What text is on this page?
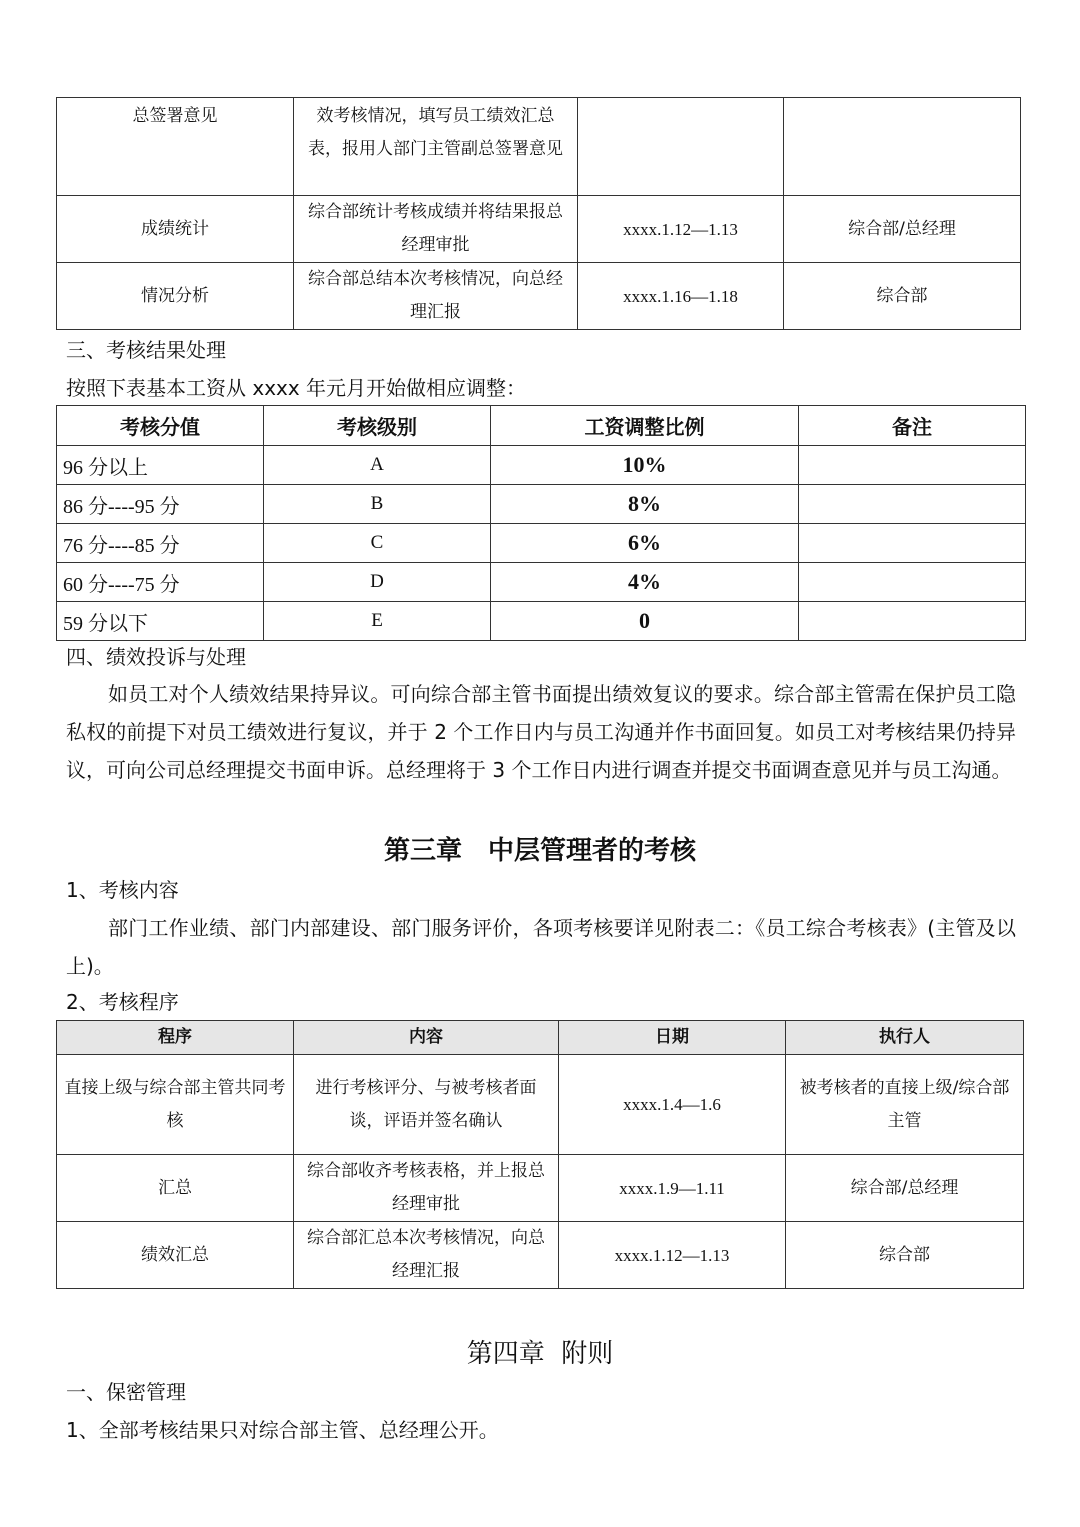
总签署意见	效考核情况，填写员工绩效汇总表，报用人部门主管副总签署意见		
成绩统计	综合部统计考核成绩并将结果报总经理审批	xxxx.1.12—1.13	综合部/总经理
情况分析	综合部总结本次考核情况，向总经理汇报	xxxx.1.16—1.18	综合部
三、考核结果处理
按照下表基本工资从 xxxx 年元月开始做相应调整：
考核分值	考核级别	工资调整比例	备注
96 分以上	A	10%	
86 分----95 分	B	8%	
76 分----85 分	C	6%	
60 分----75 分	D	4%	
59 分以下	E	0	
四、绩效投诉与处理
如员工对个人绩效结果持异议。可向综合部主管书面提出绩效复议的要求。综合部主管需在保护员工隐私权的前提下对员工绩效进行复议，并于 2 个工作日内与员工沟通并作书面回复。如员工对考核结果仍持异议，可向公司总经理提交书面申诉。总经理将于 3 个工作日内进行调查并提交书面调查意见并与员工沟通。
第三章　中层管理者的考核
1、考核内容
部门工作业绩、部门内部建设、部门服务评价，各项考核要详见附表二：《员工综合考核表》(主管及以上)。
2、考核程序
程序	内容	日期	执行人
直接上级与综合部主管共同考核	进行考核评分、与被考核者面谈，评语并签名确认	xxxx.1.4—1.6	被考核者的直接上级/综合部主管
汇总	综合部收齐考核表格，并上报总经理审批	xxxx.1.9—1.11	综合部/总经理
绩效汇总	综合部汇总本次考核情况，向总经理汇报	xxxx.1.12—1.13	综合部
第四章  附则
一、保密管理
1、全部考核结果只对综合部主管、总经理公开。
